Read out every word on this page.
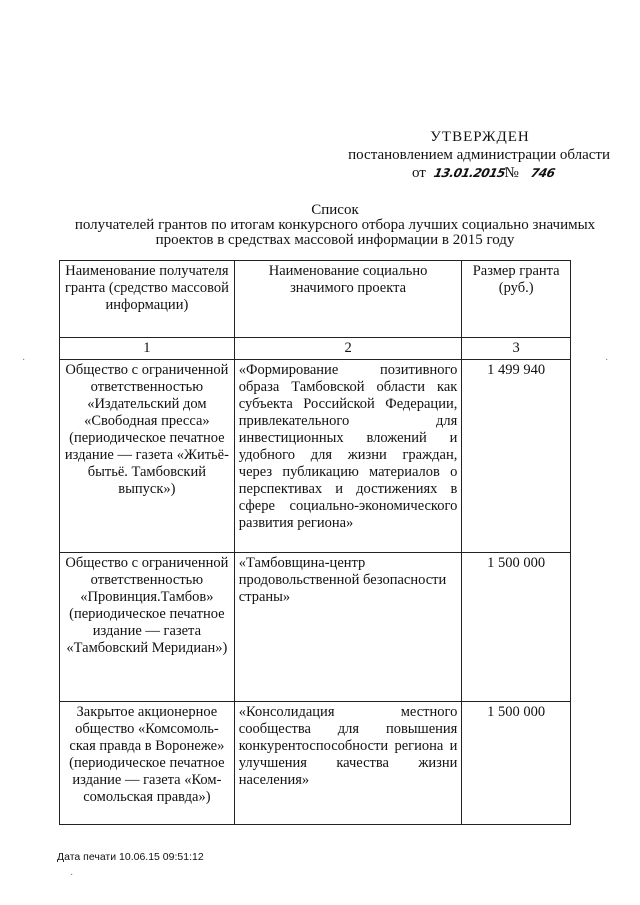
УТВЕРЖДЕН
постановлением администрации области
от 13.01.2015№ 746
Список
получателей грантов по итогам конкурсного отбора лучших социально значимых
проектов в средствах массовой информации в 2015 году
Наименование получателя гранта (средство массовой информации)	Наименование социально значимого проекта	Размер гранта (руб.)
1	2	3
Общество с ограниченной ответственностью «Издательский дом «Свободная пресса» (периодическое печатное издание — газета «Житьё-бытьё. Тамбовский выпуск»)	«Формирование позитивного образа Тамбовской области как субъекта Российской Федерации, привлекательного для инвестиционных вложений и удобного для жизни граждан, через публикацию материалов о перспективах и достижениях в сфере социально-экономического развития региона»	1 499 940
Общество с ограниченной ответственностью «Провинция.Тамбов» (периодическое печатное издание — газета «Тамбовский Меридиан»)	«Тамбовщина-центр продовольственной безопасности страны»	1 500 000
Закрытое акционерное общество «Комсомоль-ская правда в Воронеже» (периодическое печатное издание — газета «Ком-сомольская правда»)	«Консолидация местного сообщества для повышения конкурентоспособности региона и улучшения качества жизни населения»	1 500 000
Дата печати 10.06.15 09:51:12
·	·
·
